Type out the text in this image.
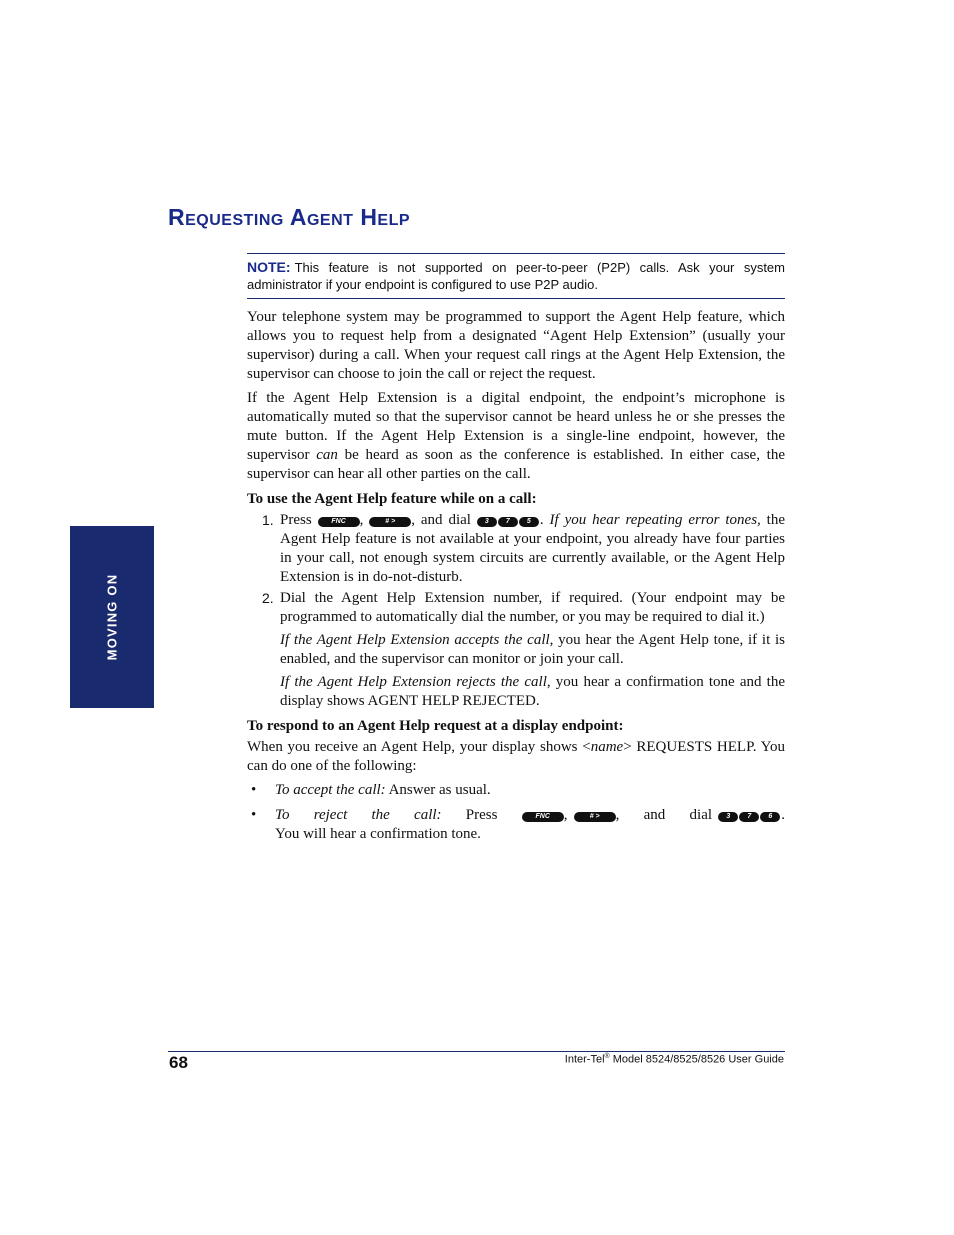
MOVING ON
Requesting Agent Help
NOTE: This feature is not supported on peer-to-peer (P2P) calls. Ask your system administrator if your endpoint is configured to use P2P audio.

Your telephone system may be programmed to support the Agent Help feature, which allows you to request help from a designated “Agent Help Extension” (usually your supervisor) during a call. When your request call rings at the Agent Help Extension, the supervisor can choose to join the call or reject the request.

If the Agent Help Extension is a digital endpoint, the endpoint’s microphone is automatically muted so that the supervisor cannot be heard unless he or she presses the mute button. If the Agent Help Extension is a single-line endpoint, however, the supervisor can be heard as soon as the conference is established. In either case, the supervisor can hear all other parties on the call.

To use the Agent Help feature while on a call:

1. Press	FNC ,	# > , and dial 3 7 5 . If you hear repeating error tones, the Agent Help feature is not available at your endpoint, you already have four parties in your call, not enough system circuits are currently available, or the Agent Help Extension is in do-not-disturb.
2. Dial the Agent Help Extension number, if required. (Your endpoint may be programmed to automatically dial the number, or you may be required to dial it.)

If the Agent Help Extension accepts the call, you hear the Agent Help tone, if it is enabled, and the supervisor can monitor or join your call.

If the Agent Help Extension rejects the call, you hear a confirmation tone and the display shows AGENT HELP REJECTED.

To respond to an Agent Help request at a display endpoint:

When you receive an Agent Help, your display shows <name> REQUESTS HELP. You can do one of the following:

• To accept the call: Answer as usual.
• To reject the call: Press FNC ,	# > , and dial 3 7 6 . You will hear a confirmation tone.
68	Inter-Tel® Model 8524/8525/8526 User Guide
